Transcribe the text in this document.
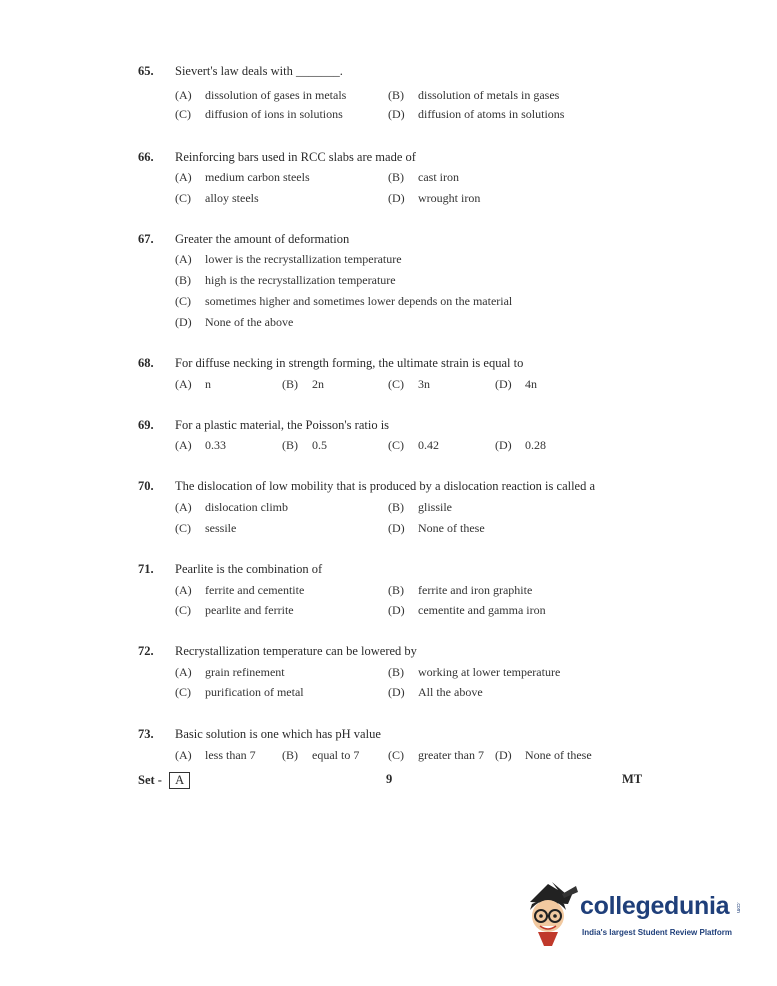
65. Sievert's law deals with _______.
(A) dissolution of gases in metals	(B) dissolution of metals in gases
(C) diffusion of ions in solutions	(D) diffusion of atoms in solutions
66. Reinforcing bars used in RCC slabs are made of
(A) medium carbon steels	(B) cast iron
(C) alloy steels	(D) wrought iron
67. Greater the amount of deformation
(A) lower is the recrystallization temperature
(B) high is the recrystallization temperature
(C) sometimes higher and sometimes lower depends on the material
(D) None of the above
68. For diffuse necking in strength forming, the ultimate strain is equal to
(A) n	(B) 2n	(C) 3n	(D) 4n
69. For a plastic material, the Poisson's ratio is
(A) 0.33	(B) 0.5	(C) 0.42	(D) 0.28
70. The dislocation of low mobility that is produced by a dislocation reaction is called a
(A) dislocation climb	(B) glissile
(C) sessile	(D) None of these
71. Pearlite is the combination of
(A) ferrite and cementite	(B) ferrite and iron graphite
(C) pearlite and ferrite	(D) cementite and gamma iron
72. Recrystallization temperature can be lowered by
(A) grain refinement	(B) working at lower temperature
(C) purification of metal	(D) All the above
73. Basic solution is one which has pH value
(A) less than 7 (B) equal to 7 (C) greater than 7 (D) None of these
Set - A	9	MT
collegedunia .com
India's largest Student Review Platform
